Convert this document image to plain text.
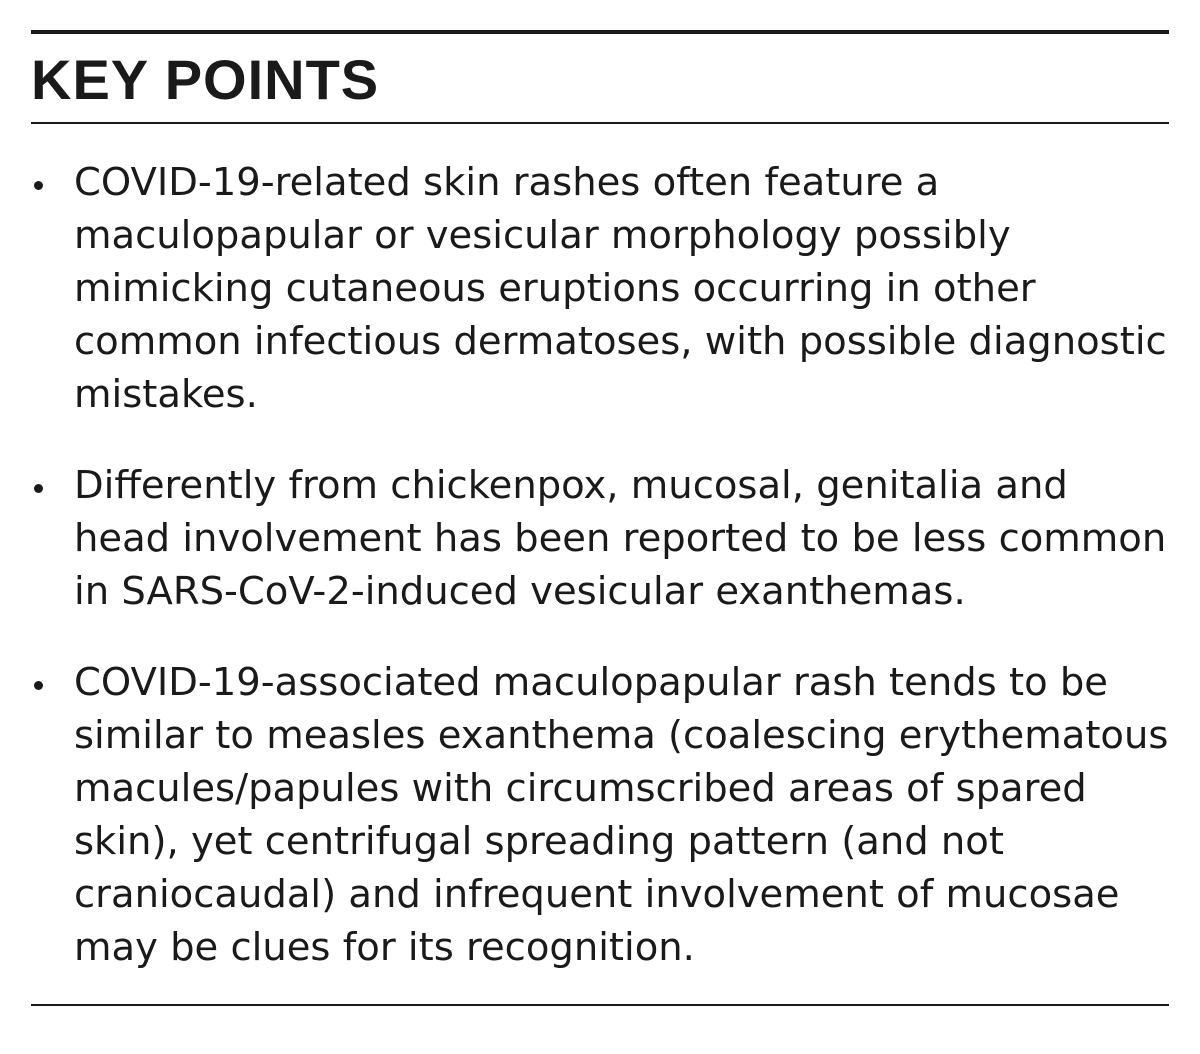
KEY POINTS
COVID-19-related skin rashes often feature a maculopapular or vesicular morphology possibly mimicking cutaneous eruptions occurring in other common infectious dermatoses, with possible diagnostic mistakes.
Differently from chickenpox, mucosal, genitalia and head involvement has been reported to be less common in SARS-CoV-2-induced vesicular exanthemas.
COVID-19-associated maculopapular rash tends to be similar to measles exanthema (coalescing erythematous macules/papules with circumscribed areas of spared skin), yet centrifugal spreading pattern (and not craniocaudal) and infrequent involvement of mucosae may be clues for its recognition.
